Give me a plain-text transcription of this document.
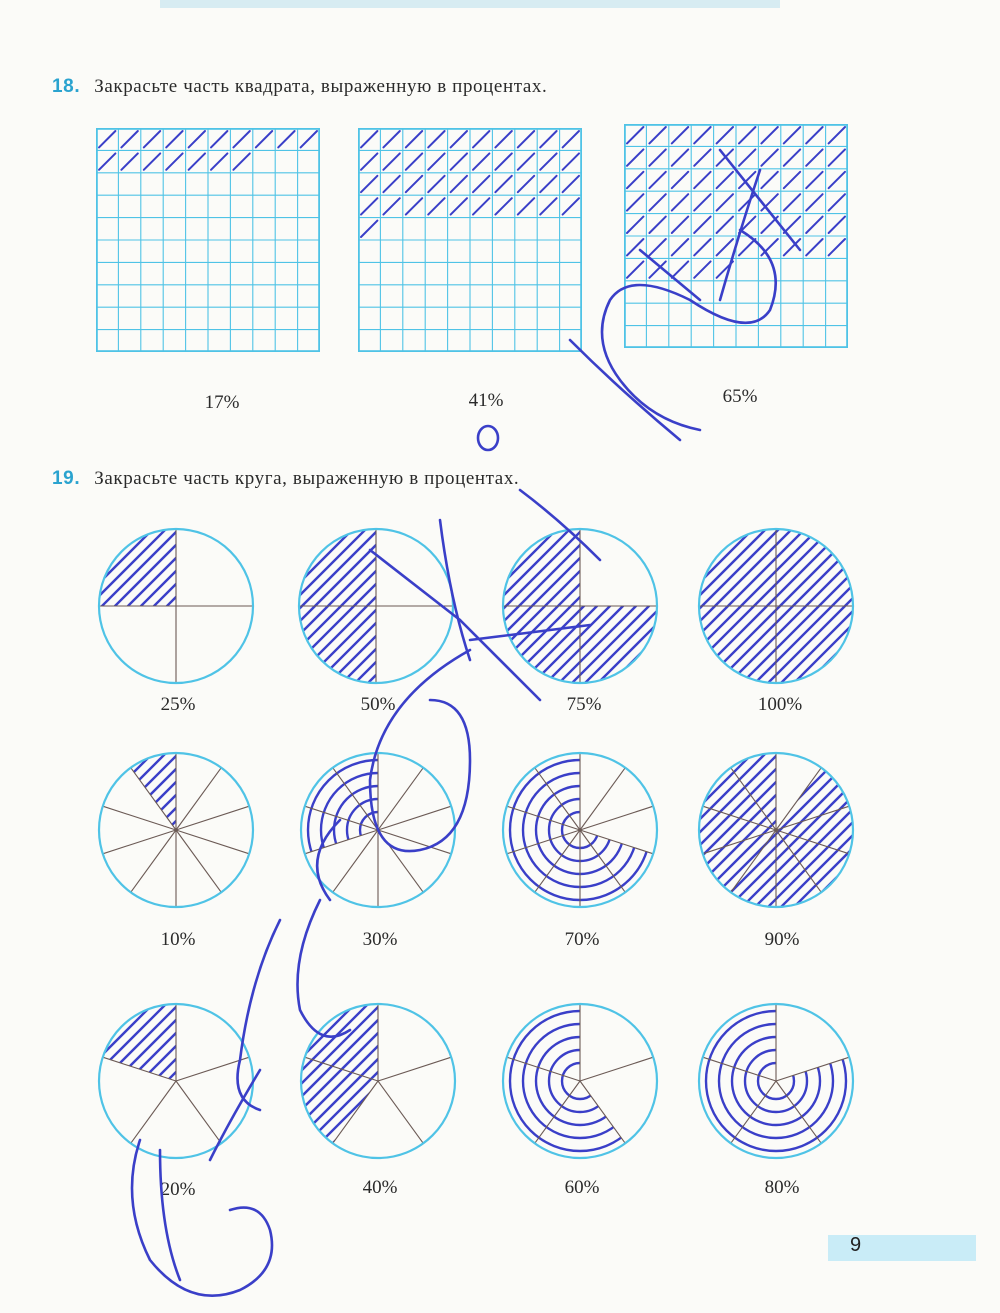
18. Закрасьте часть квадрата, выраженную в процентах.
17%	41%	65%
19. Закрасьте часть круга, выраженную в процентах.
25%	50%	75%	100%
10%	30%	70%	90%
20%	40%	60%	80%
9
